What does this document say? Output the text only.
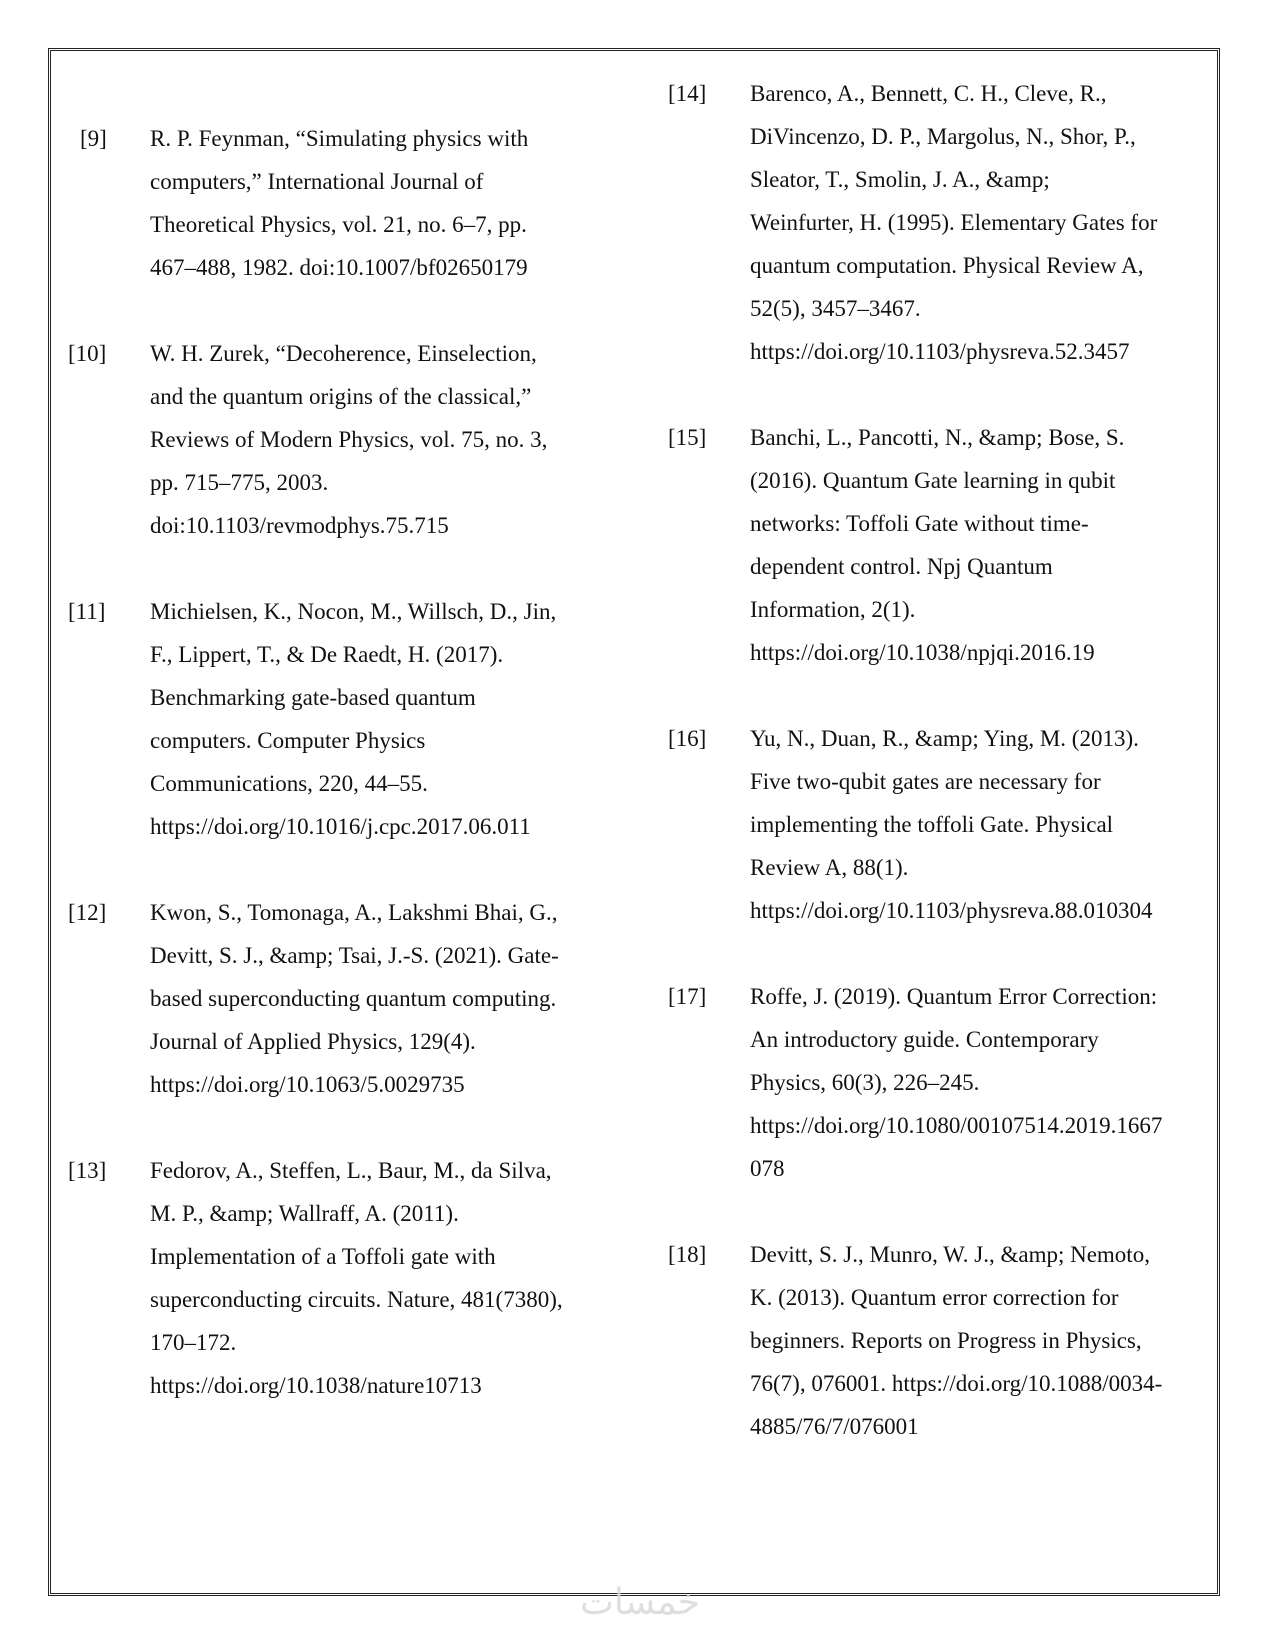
[9]	R. P. Feynman, “Simulating physics with
computers,” International Journal of
Theoretical Physics, vol. 21, no. 6–7, pp.
467–488, 1982. doi:10.1007/bf02650179
[10]	W. H. Zurek, “Decoherence, Einselection,
and the quantum origins of the classical,”
Reviews of Modern Physics, vol. 75, no. 3,
pp. 715–775, 2003.
doi:10.1103/revmodphys.75.715
[11]	Michielsen, K., Nocon, M., Willsch, D., Jin,
F., Lippert, T., & De Raedt, H. (2017).
Benchmarking gate-based quantum
computers. Computer Physics
Communications, 220, 44–55.
https://doi.org/10.1016/j.cpc.2017.06.011
[12]	Kwon, S., Tomonaga, A., Lakshmi Bhai, G.,
Devitt, S. J., &amp; Tsai, J.-S. (2021). Gate-
based superconducting quantum computing.
Journal of Applied Physics, 129(4).
https://doi.org/10.1063/5.0029735
[13]	Fedorov, A., Steffen, L., Baur, M., da Silva,
M. P., &amp; Wallraff, A. (2011).
Implementation of a Toffoli gate with
superconducting circuits. Nature, 481(7380),
170–172.
https://doi.org/10.1038/nature10713
[14]	Barenco, A., Bennett, C. H., Cleve, R.,
DiVincenzo, D. P., Margolus, N., Shor, P.,
Sleator, T., Smolin, J. A., &amp;
Weinfurter, H. (1995). Elementary Gates for
quantum computation. Physical Review A,
52(5), 3457–3467.
https://doi.org/10.1103/physreva.52.3457
[15]	Banchi, L., Pancotti, N., &amp; Bose, S.
(2016). Quantum Gate learning in qubit
networks: Toffoli Gate without time-
dependent control. Npj Quantum
Information, 2(1).
https://doi.org/10.1038/npjqi.2016.19
[16]	Yu, N., Duan, R., &amp; Ying, M. (2013).
Five two-qubit gates are necessary for
implementing the toffoli Gate. Physical
Review A, 88(1).
https://doi.org/10.1103/physreva.88.010304
[17]	Roffe, J. (2019). Quantum Error Correction:
An introductory guide. Contemporary
Physics, 60(3), 226–245.
https://doi.org/10.1080/00107514.2019.1667
078
[18]	Devitt, S. J., Munro, W. J., &amp; Nemoto,
K. (2013). Quantum error correction for
beginners. Reports on Progress in Physics,
76(7), 076001. https://doi.org/10.1088/0034-
4885/76/7/076001
خمسات
